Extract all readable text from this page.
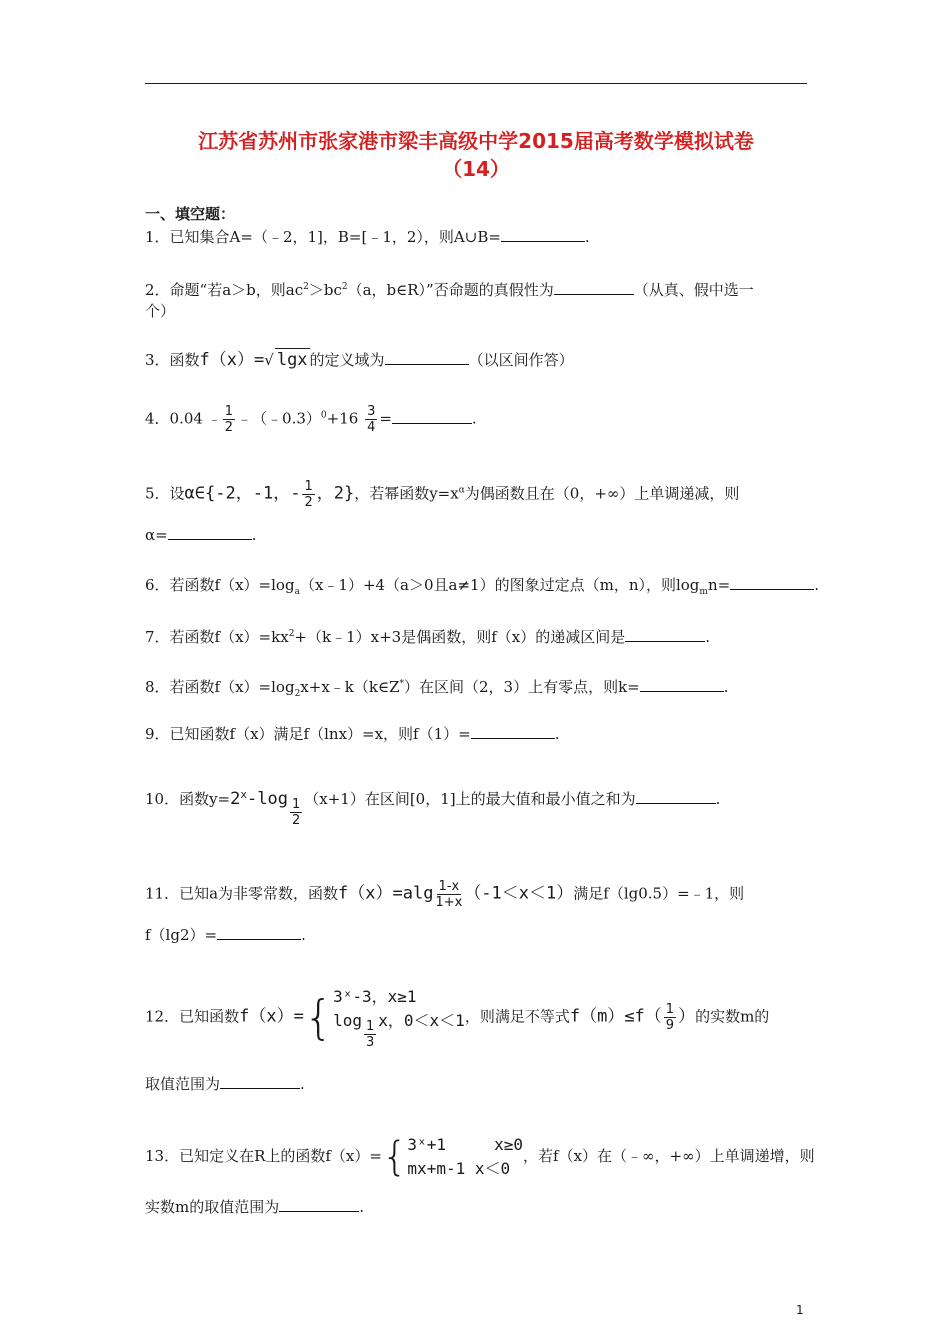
江苏省苏州市张家港市梁丰高级中学2015届高考数学模拟试卷
（14）
一、填空题：
1．已知集合A=（﹣2，1]，B=[﹣1，2），则A∪B=	.
2．命题“若a＞b，则$ac^2>bc^2(a$，b∈R）”否命题的真假性为	（从真、假中选一
个）
3．函数f（x）=√ lgx 的定义域为	（以区间作答）
4．0.04 ﹣ $\frac{1}{2}$ ﹣（﹣0.3）$^0$+16 $\frac{3}{4}$ =	.
5．设α∈{-2，-1，- $\frac{1}{2}$ ，2}，若幂函数$y=x^\alpha$为偶函数且在（0，+∞）上单调递减，则
α=	.
6．若函数$f(x)=\log_a(x﹣1)+4(a>0$且a≠1）的图象过定点（m，n），则$\log_mn=$	.
7．若函数$f(x)=kx^2+(k﹣1)x+3$是偶函数，则f（x）的递减区间是	.
8．若函数$f(x)=\log_2x+x﹣k(k\in Z^*)$在区间（2，3）上有零点，则k=	.
9．已知函数f（x）满足f（lnx）=x，则f（1）=	.
10．函数$y=2^x-\log \frac{1}{2} (x+1)$在区间[0，1]上的最大值和最小值之和为	.
11．已知a为非零常数，函数$f(x)=alg \frac{1-x}{1+x} (-1<x<1)$满足f（lg0.5）=﹣1，则
f（lg2）=	.
12．已知函数f（x）={ 3ˣ-3，x≥1
$\log \frac{1}{3}$ x，0＜x＜1 ，则满足不等式$f(m)\le f( \frac{1}{9}$ ）的实数m的
取值范围为	.
13．已知定义在R上的函数f（x）={ 3ˣ+1	x≥0
mx+m-1 x＜0
，若f（x）在（﹣∞，+∞）上单调递增，则
实数m的取值范围为	.
1
